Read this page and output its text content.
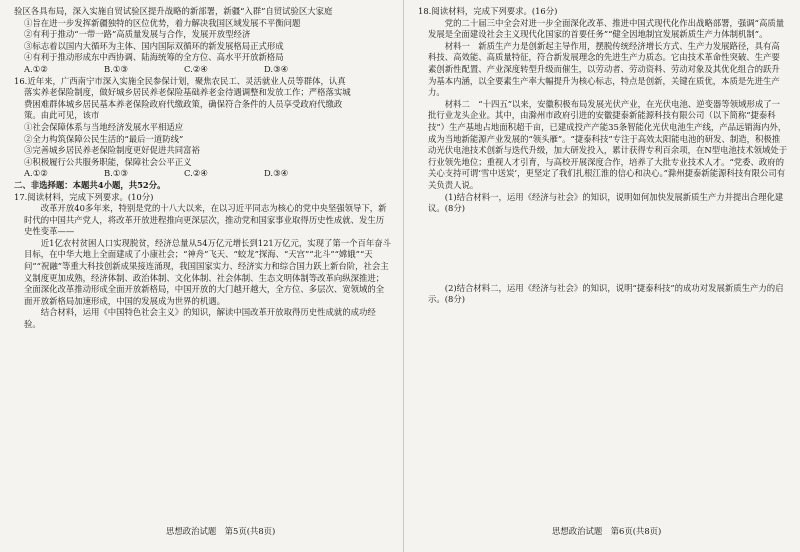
验区各具布局，深入实施自贸试验区提升战略的新部署，新疆“入群”自贸试验区大家庭
①旨在进一步发挥新疆独特的区位优势，着力解决我国区域发展不平衡问题
②有利于推动“一带一路”高质量发展与合作，发展开放型经济
③标志着以国内大循环为主体、国内国际双循环的新发展格局正式形成
④有利于推动形成东中西协调、陆海统筹的全方位、高水平开放新格局
A.①②	B.①③	C.②④	D.③④
16.近年来，广西南宁市深入实施全民参保计划，聚焦农民工、灵活就业人员等群体，认真
落实养老保险制度，做好城乡居民养老保险基础养老金待遇调整和发放工作；严格落实城
费困难群体城乡居民基本养老保险政府代缴政策，确保符合条件的人员享受政府代缴政
策。由此可见，该市
①社会保障体系与当地经济发展水平相适应
②全力构筑保障公民生活的“最后一道防线”
③完善城乡居民养老保险制度更好促进共同富裕
④积极履行公共服务职能，保障社会公平正义
A.①②	B.①③	C.②④	D.③④
二、非选择题：本题共4小题，共52分。
17.阅读材料，完成下列要求。(10分)
改革开放40多年来，特别是党的十八大以来，在以习近平同志为核心的党中央坚强领导下，新时代的中国共产党人，将改革开放进程推向更深层次，推动党和国家事业取得历史性成就、发生历史性变革——
近1亿农村贫困人口实现脱贫，经济总量从54万亿元增长到121万亿元，实现了第一个百年奋斗目标，在中华大地上全面建成了小康社会；“神舟”飞天、“蛟龙”探海、“天宫”“北斗”“嫦娥”“天问”“祝融”等重大科技创新成果接连涌现，我国国家实力、经济实力和综合国力跃上新台阶，社会主义制度更加成熟，经济体制、政治体制、文化体制、社会体制、生态文明体制等改革向纵深推进；全面深化改革推动形成全面开放新格局，中国开放的大门越开越大，全方位、多层次、宽领域的全面开放新格局加速形成，中国的发展成为世界的机遇。
结合材料，运用《中国特色社会主义》的知识，解读中国改革开放取得历史性成就的成功经验。
18.阅读材料，完成下列要求。(16分)
党的二十届三中全会对进一步全面深化改革、推进中国式现代化作出战略部署，强调“高质量发展是全面建设社会主义现代化国家的首要任务”“健全因地制宜发展新质生产力体制机制”。
材料一　新质生产力是创新起主导作用，摆脱传统经济增长方式、生产力发展路径，具有高科技、高效能、高质量特征，符合新发展理念的先进生产力质态。它由技术革命性突破、生产要素创新性配置、产业深度转型升级而催生，以劳动者、劳动资料、劳动对象及其优化组合的跃升为基本内涵，以全要素生产率大幅提升为核心标志，特点是创新，关键在质优，本质是先进生产力。
材料二　“十四五”以来，安徽积极布局发展光伏产业，在光伏电池、逆变器等领域形成了一批行业龙头企业。其中，由滁州市政府引进的安徽捷泰新能源科技有限公司（以下简称“捷泰科技”）生产基地占地面积超千亩，已建成投产产能35条智能化光伏电池生产线，产品远销海内外，成为当地新能源产业发展的“领头雁”。“捷泰科技”专注于高效太阳能电池的研发、制造，积极推动光伏电池技术创新与迭代升级，加大研发投入，累计获得专利百余项，在N型电池技术领域处于行业领先地位；重视人才引育，与高校开展深度合作，培养了大批专业技术人才。“党委、政府的关心支持可谓‘雪中送炭’，更坚定了我们扎根江淮的信心和决心。”滁州捷泰新能源科技有限公司有关负责人说。
(1)结合材料一，运用《经济与社会》的知识，说明如何加快发展新质生产力并提出合理化建议。(8分)
(2)结合材料二，运用《经济与社会》的知识，说明“捷泰科技”的成功对发展新质生产力的启示。(8分)
思想政治试题　第5页(共8页)	思想政治试题　第6页(共8页)
